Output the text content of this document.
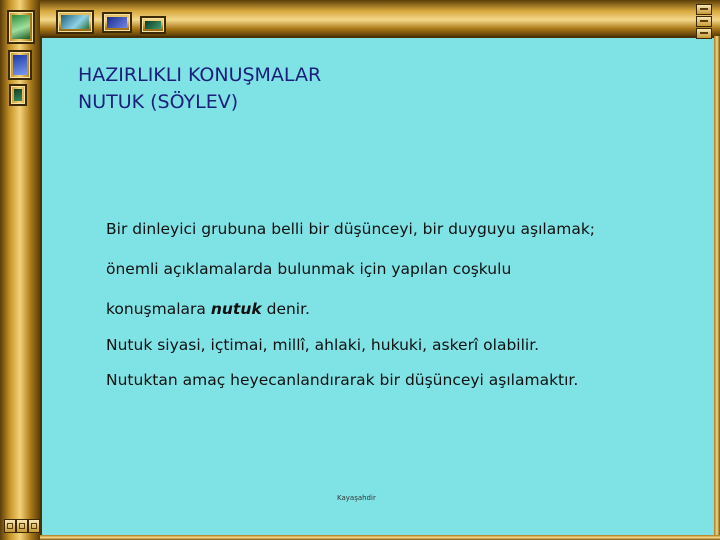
HAZIRLIKLI KONUŞMALAR
NUTUK (SÖYLEV)
Bir dinleyici grubuna belli bir düşünceyi, bir duyguyu aşılamak;
önemli açıklamalarda bulunmak için yapılan coşkulu
konuşmalara nutuk denir.
Nutuk siyasi, içtimai, millî, ahlaki, hukuki, askerî olabilir.
Nutuktan amaç heyecanlandırarak bir düşünceyi aşılamaktır.
Kayaşahdir
